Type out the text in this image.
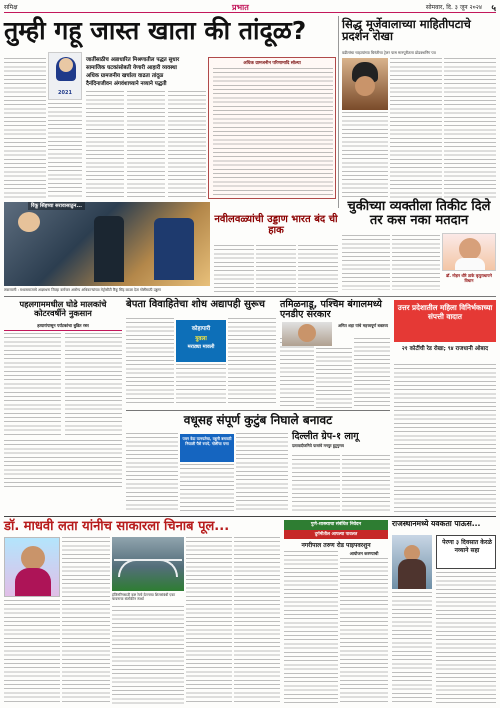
समिक्ष	प्रभात	सोमवार, दि. ३ जून २०२४ ५
तुम्ही गहू जास्त खाता की तांदूळ?
2021
जातींसाठीच अन्नाधारित मिश्रणातील पद्धत सुधार
सामाजिक घटकांसोबती येणारी आहारी व्यवस्था
अधिक ग्रामजनीय खर्चाला वाढता तांदूळ
दैनंदिनाजीवन अंगवंशाच्याने नव्याने पद्धती
अधिक ग्रामजनीन परिणामादि सोल्या
रिंकू सिंहच्या सरावासाठुन...
लवामवनी : मध्यसमाजाचे आज्ञाधना जिल्हा कर्मचार आरोग्य अधिकाऱ्यांच्या मेट्रोसीटी रिंकू सिंह काळा देता गोष्टीसाठी उड्डाण
सिद्ध मूर्जेवालाच्या माहितीपटाचे प्रदर्शन रोखा
वडीलांचा चाहत्यांच्या बिनंतीचा ट्रेलर पास मानपुरीतला प्रोडक्शनिंग पत्र
नवीलवळ्यांची उड्डाण भारत बंद ची हाक
चुकीच्या व्यक्तीला तिकीट दिले तर कस नका मतदान
डॉ. मोहन धौरे ठाके कृपुराधायने विधान
पहलगाममधील घोडे मालकांचे कोटरवर्षीने नुकसान
हत्यारांपासून पर्यटकांचा बुडित रस्त
बेपता विवाहितेचा शोध अद्यापही सुरूच
कोहापारी
युवला
मराठ्या मावली
तमिळनाडू, पश्चिम बंगालमध्ये एनडीए सरकार
अमित शहा यांचे महत्त्वपूर्ण बक्तव्य
वधूसह संपूर्ण कुटुंब निघाले बनावट
पवन वेदा यत्नयतेचा, वहुनी बनावटी निघाली पैसे रुपये, गोष्टींचा पत्ता
दिल्लीत ग्रेप-१ लागू
दलावादीजनिये पासांचे मनपुर हुटुगुणव
उत्तर प्रदेशातील महिला विनिर्भकाच्या संपत्ती वादात
२१ कोटींची रेड रोखा; ९४ राजधानी ओबाद
डॉ. माधवी लता यांनीच साकारला चिनाब पूल...
इंजिनरिंगसाठी कष्ट रेल्वे वेतनाचा शिलसंबंधी एका चायनाचा संलोकीन स्पर्धा
पुणे-शास्त्र्याचा संबंधित निवेदन
दुर्गमीतील आपल्या पावलत
नगरीपाल तरुण रोड पाइपवरशुन
आयोजन करण्याची
राजस्थानमध्ये यवकता पाऊस...
पेरणा ३ दिवसात केरळे नव्याने सहा
